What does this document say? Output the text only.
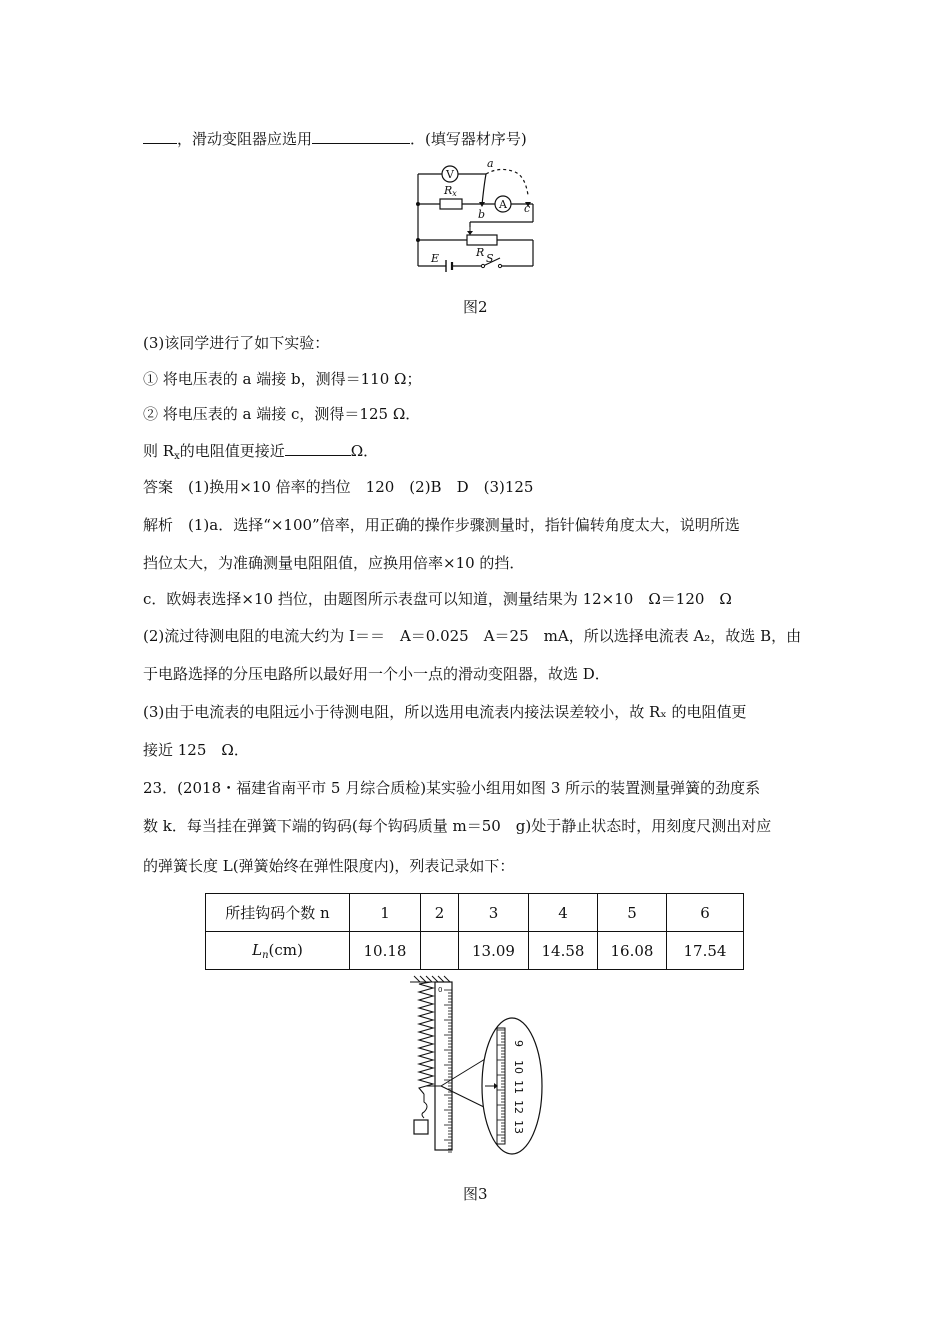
，滑动变阻器应选用	．(填写器材序号)
V
A
Rx
a
b	c
R
E	S
图2
(3)该同学进行了如下实验：
① 将电压表的 a 端接 b，测得＝110 Ω；
② 将电压表的 a 端接 c，测得＝125 Ω．
则 $R_x$的电阻值更接近	Ω．
答案　(1)换用×10 倍率的挡位　120　(2)B　D　(3)125
解析　(1)a．选择“×100”倍率，用正确的操作步骤测量时，指针偏转角度太大，说明所选
挡位太大，为准确测量电阻阻值，应换用倍率×10 的挡．
c．欧姆表选择×10 挡位，由题图所示表盘可以知道，测量结果为 12×10　Ω＝120　Ω
(2)流过待测电阻的电流大约为 I＝＝　A＝0.025　A＝25　mA，所以选择电流表 A₂，故选 B，由
于电路选择的分压电路所以最好用一个小一点的滑动变阻器，故选 D．
(3)由于电流表的电阻远小于待测电阻，所以选用电流表内接法误差较小，故 Rₓ 的电阻值更
接近 125　Ω．
23．(2018・福建省南平市 5 月综合质检)某实验小组用如图 3 所示的装置测量弹簧的劲度系
数 k．每当挂在弹簧下端的钩码(每个钩码质量 m＝50　g)处于静止状态时，用刻度尺测出对应
的弹簧长度 L(弹簧始终在弹性限度内)，列表记录如下：
所挂钩码个数 n	1	2	3	4	5	6
$L_n(cm)$	10.18		13.09	14.58	16.08	17.54
0
9
10
11
12
13
图3
